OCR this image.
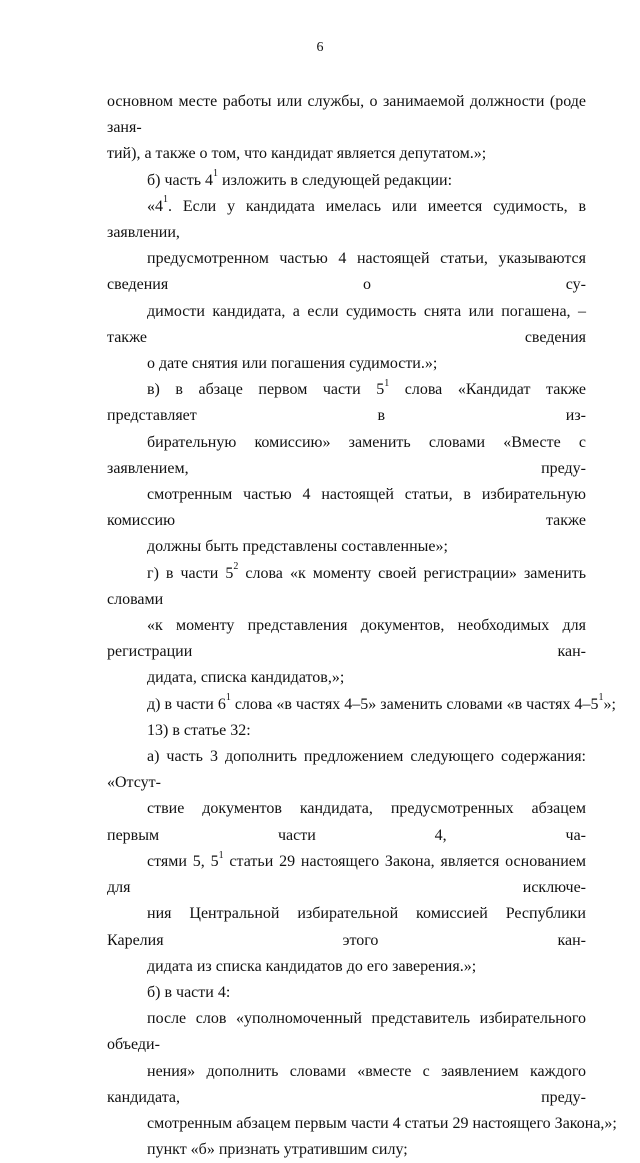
6
основном месте работы или службы, о занимаемой должности (роде заня-
тий), а также о том, что кандидат является депутатом.»;
б) часть $4^1$ изложить в следующей редакции:
«$4^1$. Если у кандидата имелась или имеется судимость, в заявлении,
предусмотренном частью 4 настоящей статьи, указываются сведения о су-
димости кандидата, а если судимость снята или погашена, – также сведения
о дате снятия или погашения судимости.»;
в) в абзаце первом части $5^1$ слова «Кандидат также представляет в из-
бирательную комиссию» заменить словами «Вместе с заявлением, преду-
смотренным частью 4 настоящей статьи, в избирательную комиссию также
должны быть представлены составленные»;
г) в части $5^2$ слова «к моменту своей регистрации» заменить словами
«к моменту представления документов, необходимых для регистрации кан-
дидата, списка кандидатов,»;
д) в части $6^1$ слова «в частях 4–5» заменить словами «в частях $4-5^1$»;
13) в статье 32:
а) часть 3 дополнить предложением следующего содержания: «Отсут-
ствие документов кандидата, предусмотренных абзацем первым части 4, ча-
стями 5, $5^1$ статьи 29 настоящего Закона, является основанием для исключе-
ния Центральной избирательной комиссией Республики Карелия этого кан-
дидата из списка кандидатов до его заверения.»;
б) в части 4:
после слов «уполномоченный представитель избирательного объеди-
нения» дополнить словами «вместе с заявлением каждого кандидата, преду-
смотренным абзацем первым части 4 статьи 29 настоящего Закона,»;
пункт «б» признать утратившим силу;
